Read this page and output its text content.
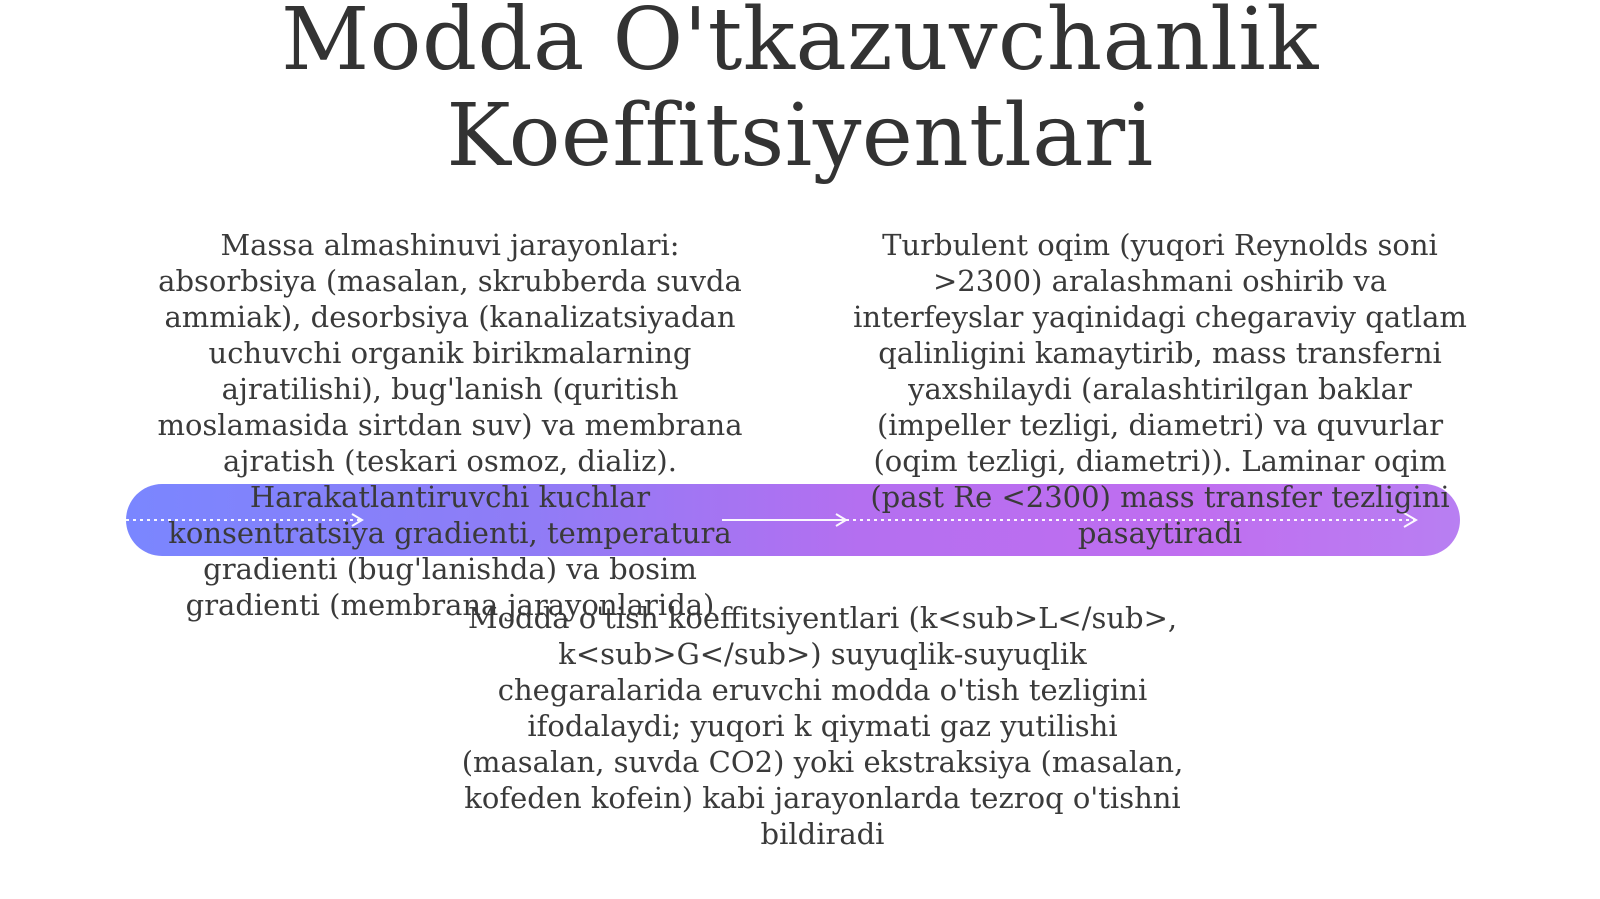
Modda O'tkazuvchanlik Koeffitsiyentlari
Massa almashinuvi jarayonlari: absorbsiya (masalan, skrubberda suvda ammiak), desorbsiya (kanalizatsiyadan uchuvchi organik birikmalarning ajratilishi), bug'lanish (quritish moslamasida sirtdan suv) va membrana ajratish (teskari osmoz, dializ). Harakatlantiruvchi kuchlar konsentratsiya gradienti, temperatura gradienti (bug'lanishda) va bosim gradienti (membrana jarayonlarida)
Turbulent oqim (yuqori Reynolds soni >2300) aralashmani oshirib va interfeyslar yaqinidagi chegaraviy qatlam qalinligini kamaytirib, mass transferni yaxshilaydi (aralashtirilgan baklar (impeller tezligi, diametri) va quvurlar (oqim tezligi, diametri)). Laminar oqim (past Re <2300) mass transfer tezligini pasaytiradi
Modda o'tish koeffitsiyentlari (k<sub>L</sub>, k<sub>G</sub>) suyuqlik-suyuqlik chegaralarida eruvchi modda o'tish tezligini ifodalaydi; yuqori k qiymati gaz yutilishi (masalan, suvda CO2) yoki ekstraksiya (masalan, kofeden kofein) kabi jarayonlarda tezroq o'tishni bildiradi
